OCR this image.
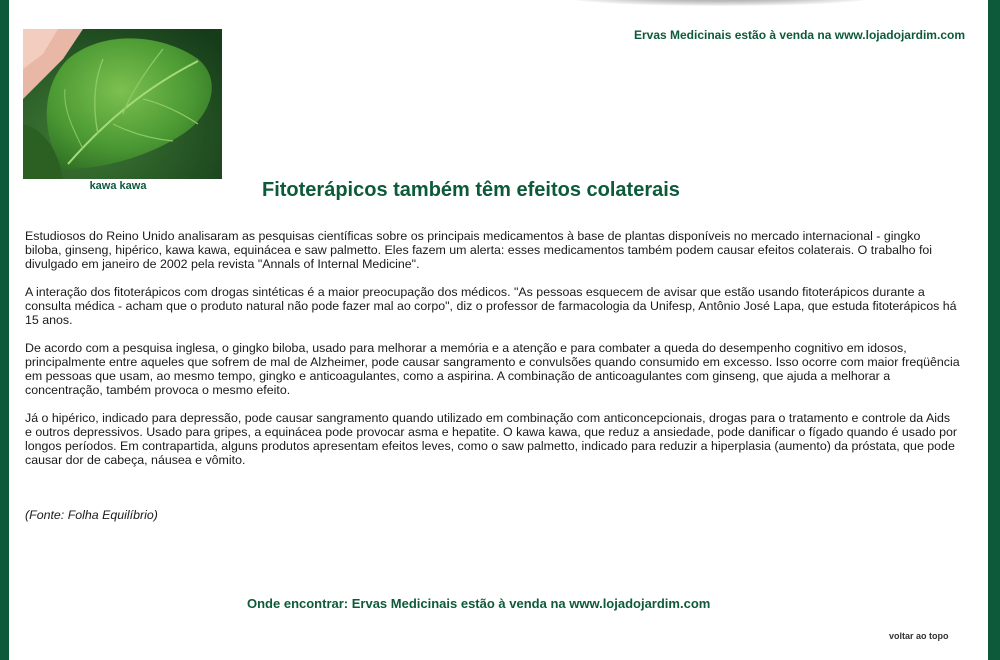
Ervas Medicinais estão à venda na www.lojadojardim.com
kawa kawa	Fitoterápicos também têm efeitos colaterais

Estudiosos do Reino Unido analisaram as pesquisas científicas sobre os principais medicamentos à base de plantas disponíveis no mercado internacional - gingko biloba, ginseng, hipérico, kawa kawa, equinácea e saw palmetto. Eles fazem um alerta: esses medicamentos também podem causar efeitos colaterais. O trabalho foi divulgado em janeiro de 2002 pela revista "Annals of Internal Medicine".

A interação dos fitoterápicos com drogas sintéticas é a maior preocupação dos médicos. "As pessoas esquecem de avisar que estão usando fitoterápicos durante a consulta médica - acham que o produto natural não pode fazer mal ao corpo", diz o professor de farmacologia da Unifesp, Antônio José Lapa, que estuda fitoterápicos há 15 anos.

De acordo com a pesquisa inglesa, o gingko biloba, usado para melhorar a memória e a atenção e para combater a queda do desempenho cognitivo em idosos, principalmente entre aqueles que sofrem de mal de Alzheimer, pode causar sangramento e convulsões quando consumido em excesso. Isso ocorre com maior freqüência em pessoas que usam, ao mesmo tempo, gingko e anticoagulantes, como a aspirina. A combinação de anticoagulantes com ginseng, que ajuda a melhorar a concentração, também provoca o mesmo efeito.

Já o hipérico, indicado para depressão, pode causar sangramento quando utilizado em combinação com anticoncepcionais, drogas para o tratamento e controle da Aids e outros depressivos. Usado para gripes, a equinácea pode provocar asma e hepatite. O kawa kawa, que reduz a ansiedade, pode danificar o fígado quando é usado por longos períodos. Em contrapartida, alguns produtos apresentam efeitos leves, como o saw palmetto, indicado para reduzir a hiperplasia (aumento) da próstata, que pode causar dor de cabeça, náusea e vômito.

(Fonte: Folha Equilíbrio)
Onde encontrar: Ervas Medicinais estão à venda na www.lojadojardim.com
voltar ao topo
